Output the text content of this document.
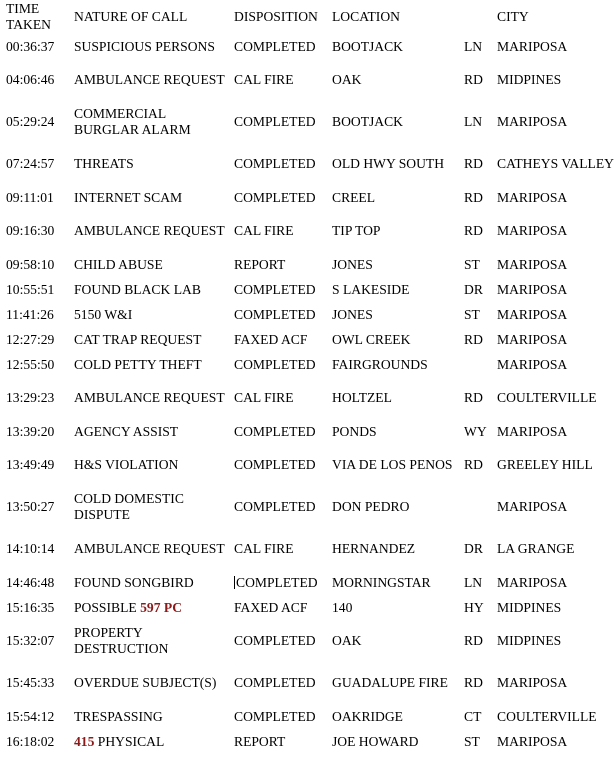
TIME TAKEN	NATURE OF CALL	DISPOSITION	LOCATION		CITY
00:36:37	SUSPICIOUS PERSONS	COMPLETED	BOOTJACK	LN	MARIPOSA
04:06:46	AMBULANCE REQUEST	CAL FIRE	OAK	RD	MIDPINES
05:29:24	COMMERCIAL BURGLAR ALARM	COMPLETED	BOOTJACK	LN	MARIPOSA
07:24:57	THREATS	COMPLETED	OLD HWY SOUTH	RD	CATHEYS VALLEY
09:11:01	INTERNET SCAM	COMPLETED	CREEL	RD	MARIPOSA
09:16:30	AMBULANCE REQUEST	CAL FIRE	TIP TOP	RD	MARIPOSA
09:58:10	CHILD ABUSE	REPORT	JONES	ST	MARIPOSA
10:55:51	FOUND BLACK LAB	COMPLETED	S LAKESIDE	DR	MARIPOSA
11:41:26	5150 W&I	COMPLETED	JONES	ST	MARIPOSA
12:27:29	CAT TRAP REQUEST	FAXED ACF	OWL CREEK	RD	MARIPOSA
12:55:50	COLD PETTY THEFT	COMPLETED	FAIRGROUNDS		MARIPOSA
13:29:23	AMBULANCE REQUEST	CAL FIRE	HOLTZEL	RD	COULTERVILLE
13:39:20	AGENCY ASSIST	COMPLETED	PONDS	WY	MARIPOSA
13:49:49	H&S VIOLATION	COMPLETED	VIA DE LOS PENOS	RD	GREELEY HILL
13:50:27	COLD DOMESTIC DISPUTE	COMPLETED	DON PEDRO		MARIPOSA
14:10:14	AMBULANCE REQUEST	CAL FIRE	HERNANDEZ	DR	LA GRANGE
14:46:48	FOUND SONGBIRD	COMPLETED	MORNINGSTAR	LN	MARIPOSA
15:16:35	POSSIBLE 597 PC	FAXED ACF	140	HY	MIDPINES
15:32:07	PROPERTY DESTRUCTION	COMPLETED	OAK	RD	MIDPINES
15:45:33	OVERDUE SUBJECT(S)	COMPLETED	GUADALUPE FIRE	RD	MARIPOSA
15:54:12	TRESPASSING	COMPLETED	OAKRIDGE	CT	COULTERVILLE
16:18:02	415 PHYSICAL	REPORT	JOE HOWARD	ST	MARIPOSA
